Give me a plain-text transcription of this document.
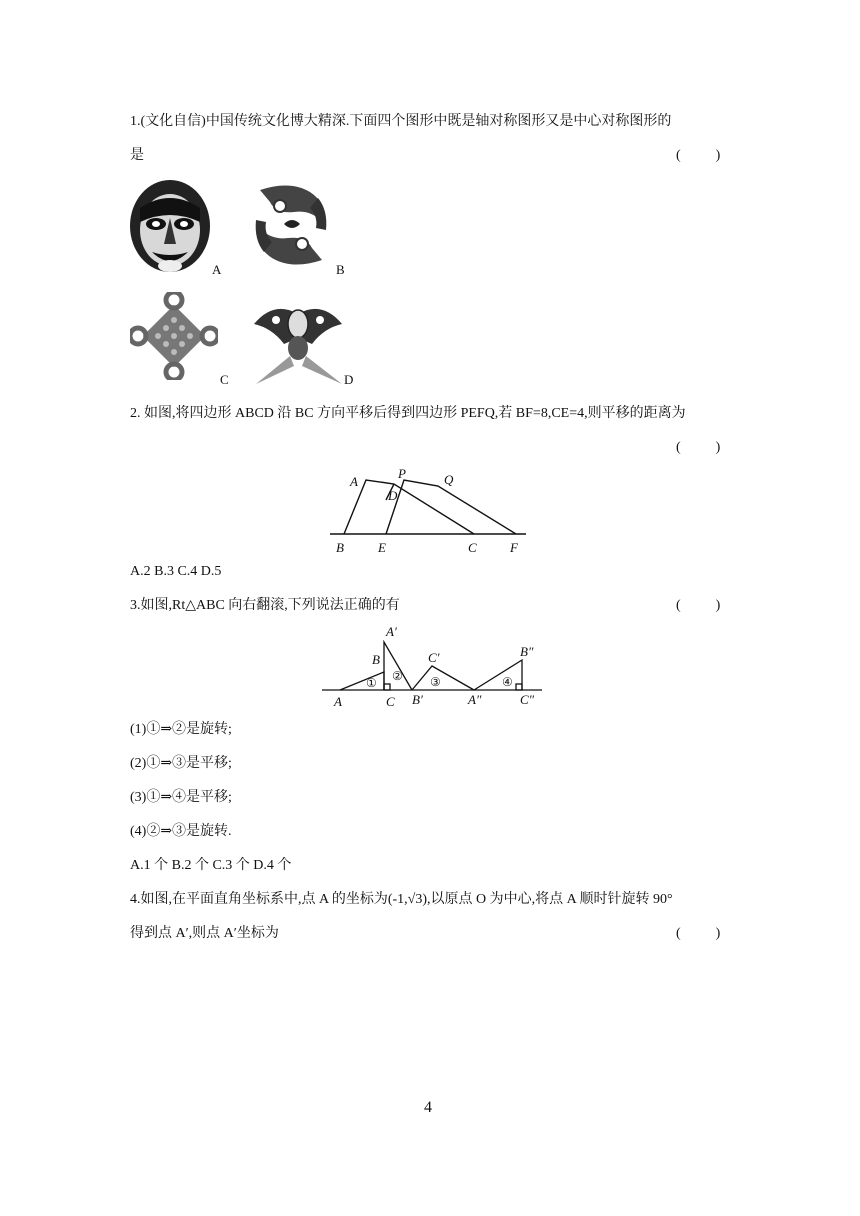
1.(文化自信)中国传统文化博大精深.下面四个图形中既是轴对称图形又是中心对称图形的
是	(          )
A	B
C	D
2. 如图,将四边形 ABCD 沿 BC 方向平移后得到四边形 PEFQ,若 BF=8,CE=4,则平移的距离为
(          )
A
P	Q
D
B	E	C	F
A.2 B.3 C.4 D.5
3.如图,Rt△ABC 向右翻滚,下列说法正确的有	(          )
A′
B	C′	B″
A	C B′	A″	C″
① ② ③	④
(1)①⇒②是旋转;
(2)①⇒③是平移;
(3)①⇒④是平移;
(4)②⇒③是旋转.
A.1 个 B.2 个 C.3 个 D.4 个
4.如图,在平面直角坐标系中,点 A 的坐标为(-1,√3),以原点 O 为中心,将点 A 顺时针旋转 90°
得到点 A′,则点 A′坐标为	(          )
4
